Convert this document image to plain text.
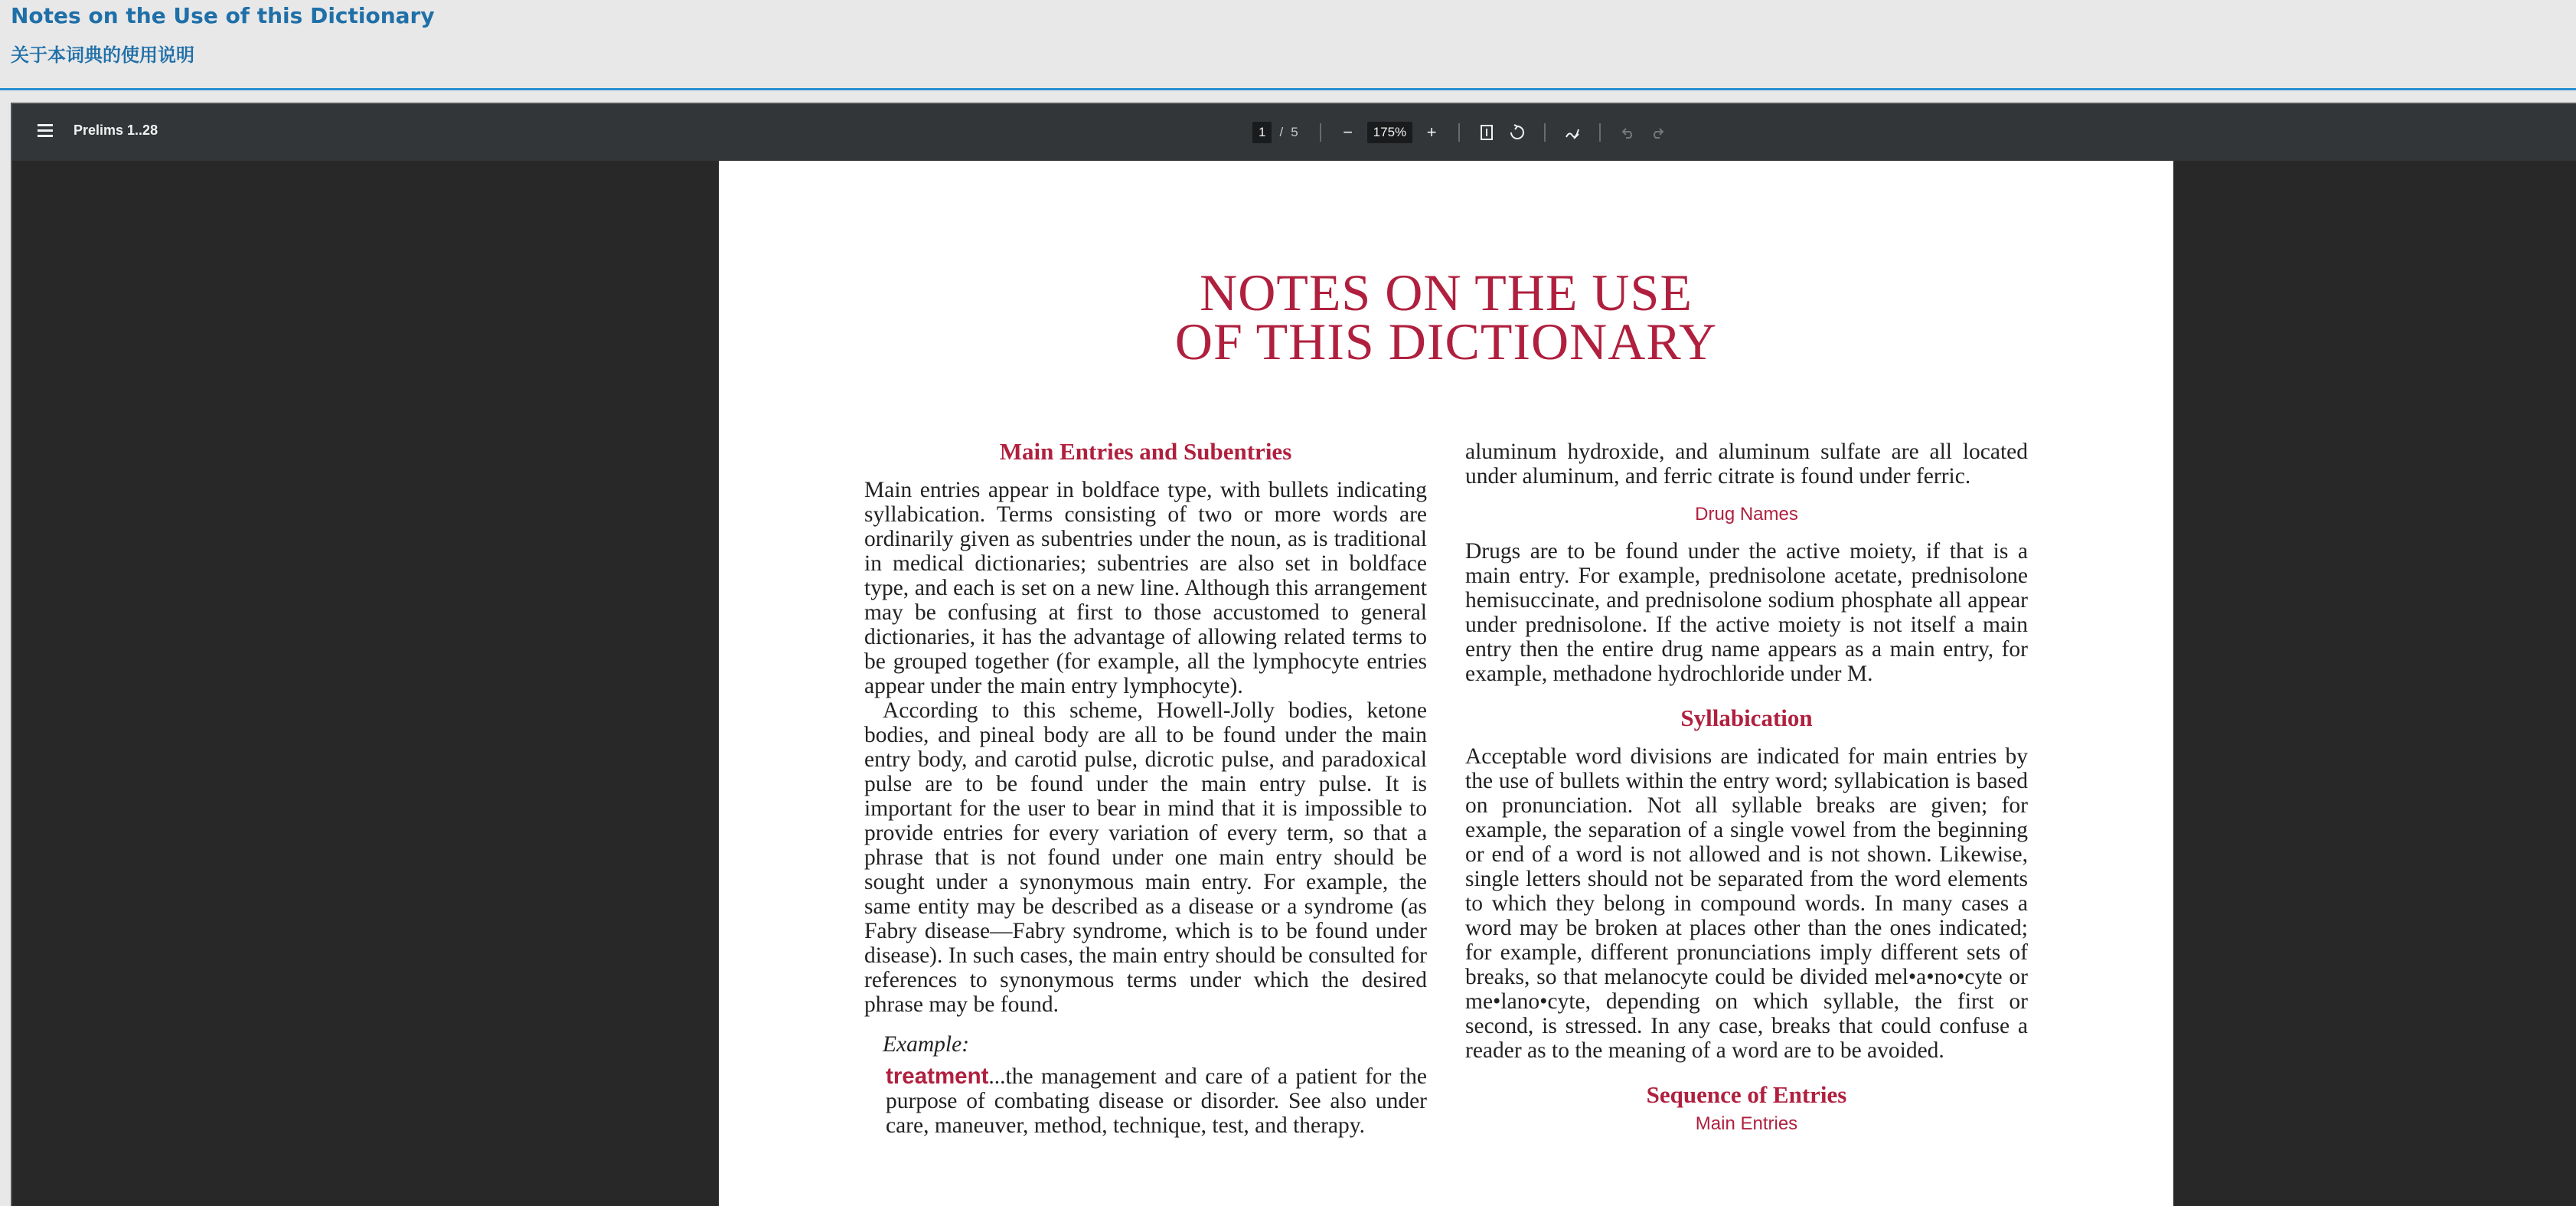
Notes on the Use of this Dictionary
关于本词典的使用说明
Prelims 1..28	1	/ 5	−	175%	+
NOTES ON THE USE
OF THIS DICTIONARY
Main Entries and Subentries

Main entries appear in boldface type, with bullets indicating syllabication. Terms consisting of two or more words are ordinarily given as subentries under the noun, as is traditional in medical dictionaries; subentries are also set in boldface type, and each is set on a new line. Although this arrangement may be confusing at first to those accustomed to general dictionaries, it has the advantage of allowing related terms to be grouped together (for example, all the lymphocyte entries appear under the main entry lymphocyte).

According to this scheme, Howell-Jolly bodies, ketone bodies, and pineal body are all to be found under the main entry body, and carotid pulse, dicrotic pulse, and paradoxical pulse are to be found under the main entry pulse. It is important for the user to bear in mind that it is impossible to provide entries for every variation of every term, so that a phrase that is not found under one main entry should be sought under a synonymous main entry. For example, the same entity may be described as a disease or a syndrome (as Fabry disease—Fabry syndrome, which is to be found under disease). In such cases, the main entry should be consulted for references to synonymous terms under which the desired phrase may be found.

Example:

treatment...the management and care of a patient for the purpose of combating disease or disorder. See also under care, maneuver, method, technique, test, and therapy.

aluminum hydroxide, and aluminum sulfate are all located under aluminum, and ferric citrate is found under ferric.

Drug Names

Drugs are to be found under the active moiety, if that is a main entry. For example, prednisolone acetate, prednisolone hemisuccinate, and prednisolone sodium phosphate all appear under prednisolone. If the active moiety is not itself a main entry then the entire drug name appears as a main entry, for example, methadone hydrochloride under M.

Syllabication

Acceptable word divisions are indicated for main entries by the use of bullets within the entry word; syllabication is based on pronunciation. Not all syllable breaks are given; for example, the separation of a single vowel from the beginning or end of a word is not allowed and is not shown. Likewise, single letters should not be separated from the word elements to which they belong in compound words. In many cases a word may be broken at places other than the ones indicated; for example, different pronunciations imply different sets of breaks, so that melanocyte could be divided mel•a•no•cyte or me•lano•cyte, depending on which syllable, the first or second, is stressed. In any case, breaks that could confuse a reader as to the meaning of a word are to be avoided.

Sequence of Entries
Main Entries
